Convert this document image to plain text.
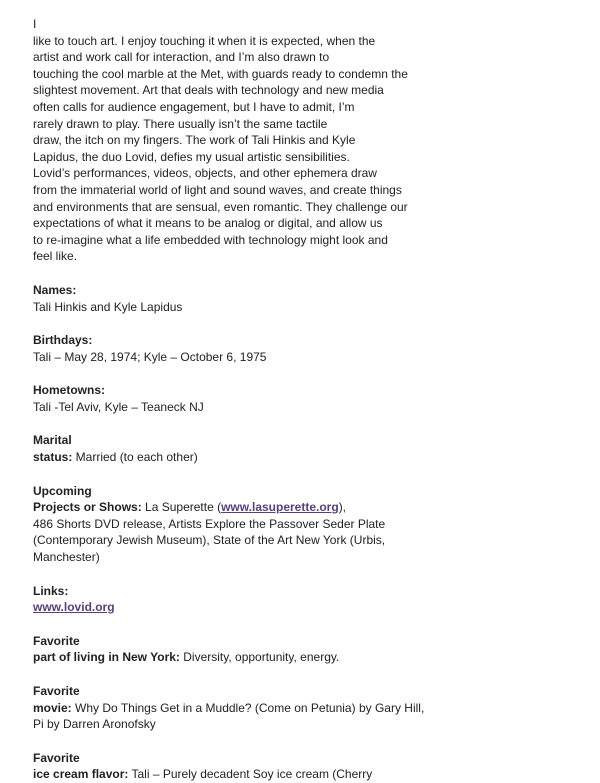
I
like to touch art. I enjoy touching it when it is expected, when the
artist and work call for interaction, and I’m also drawn to
touching the cool marble at the Met, with guards ready to condemn the
slightest movement. Art that deals with technology and new media
often calls for audience engagement, but I have to admit, I’m
rarely drawn to play. There usually isn’t the same tactile
draw, the itch on my fingers. The work of Tali Hinkis and Kyle
Lapidus, the duo Lovid, defies my usual artistic sensibilities.
Lovid’s performances, videos, objects, and other ephemera draw
from the immaterial world of light and sound waves, and create things
and environments that are sensual, even romantic. They challenge our
expectations of what it means to be analog or digital, and allow us
to re-imagine what a life embedded with technology might look and
feel like.
Names:
Tali Hinkis and Kyle Lapidus
Birthdays:
Tali – May 28, 1974; Kyle – October 6, 1975
Hometowns:
Tali -Tel Aviv, Kyle – Teaneck NJ
Marital
status: Married (to each other)
Upcoming
Projects or Shows: La Superette (www.lasuperette.org),
486 Shorts DVD release, Artists Explore the Passover Seder Plate
(Contemporary Jewish Museum), State of the Art New York (Urbis,
Manchester)
Links:
www.lovid.org
Favorite
part of living in New York: Diversity, opportunity, energy.
Favorite
movie: Why Do Things Get in a Muddle? (Come on Petunia) by Gary Hill,
Pi by Darren Aronofsky
Favorite
ice cream flavor: Tali – Purely decadent Soy ice cream (Cherry
